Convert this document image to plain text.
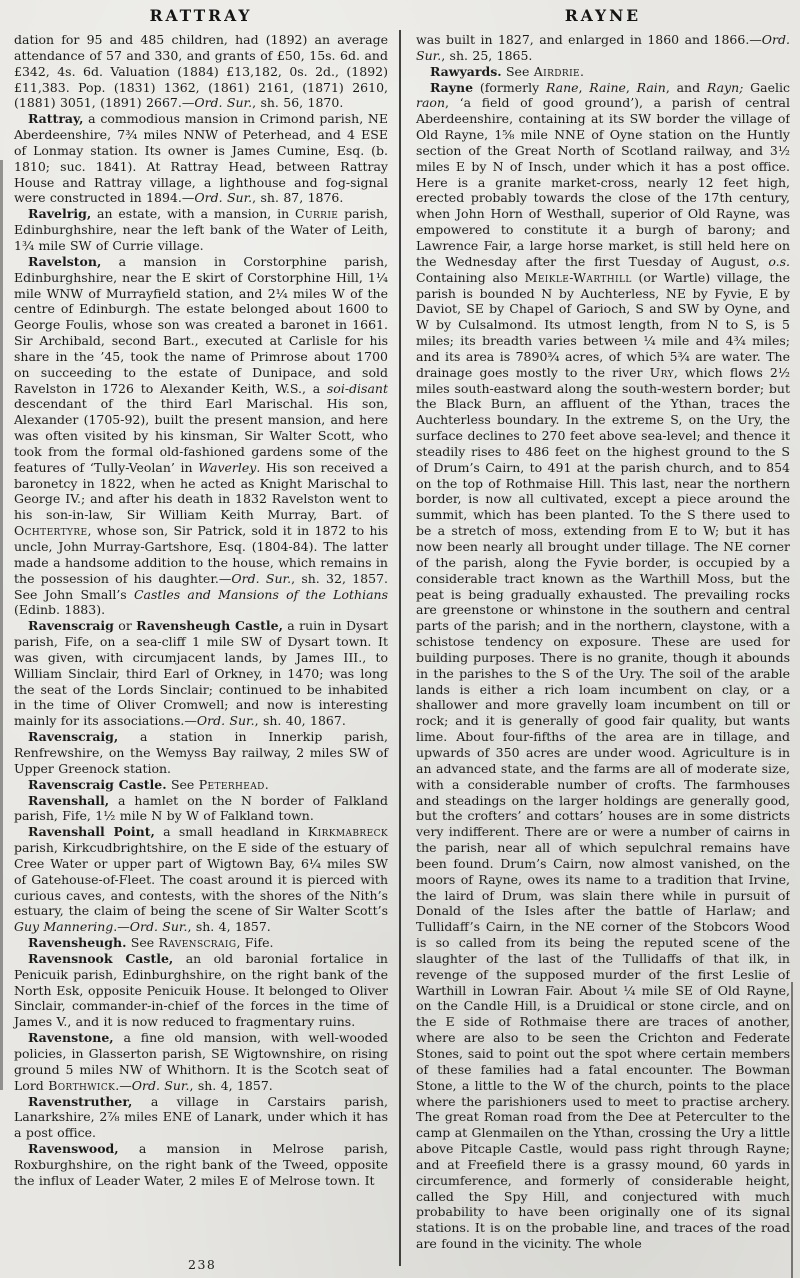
RATTRAY

dation for 95 and 485 children, had (1892) an average attendance of 57 and 330, and grants of £50, 15s. 6d. and £342, 4s. 6d. Valuation (1884) £13,182, 0s. 2d., (1892) £11,383. Pop. (1831) 1362, (1861) 2161, (1871) 2610, (1881) 3051, (1891) 2667.—Ord. Sur., sh. 56, 1870.

Rattray, a commodious mansion in Crimond parish, NE Aberdeenshire, 7¾ miles NNW of Peterhead, and 4 ESE of Lonmay station. Its owner is James Cumine, Esq. (b. 1810; suc. 1841). At Rattray Head, between Rattray House and Rattray village, a lighthouse and fog-signal were constructed in 1894.—Ord. Sur., sh. 87, 1876.

Ravelrig, an estate, with a mansion, in Currie parish, Edinburghshire, near the left bank of the Water of Leith, 1¾ mile SW of Currie village.

Ravelston, a mansion in Corstorphine parish, Edinburghshire, near the E skirt of Corstorphine Hill, 1¼ mile WNW of Murrayfield station, and 2¼ miles W of the centre of Edinburgh. The estate belonged about 1600 to George Foulis, whose son was created a baronet in 1661. Sir Archibald, second Bart., executed at Carlisle for his share in the ’45, took the name of Primrose about 1700 on succeeding to the estate of Dunipace, and sold Ravelston in 1726 to Alexander Keith, W.S., a soi-disant descendant of the third Earl Marischal. His son, Alexander (1705-92), built the present mansion, and here was often visited by his kinsman, Sir Walter Scott, who took from the formal old-fashioned gardens some of the features of ‘Tully-Veolan’ in Waverley. His son received a baronetcy in 1822, when he acted as Knight Marischal to George IV.; and after his death in 1832 Ravelston went to his son-in-law, Sir William Keith Murray, Bart. of Ochtertyre, whose son, Sir Patrick, sold it in 1872 to his uncle, John Murray-Gartshore, Esq. (1804-84). The latter made a handsome addition to the house, which remains in the possession of his daughter.—Ord. Sur., sh. 32, 1857. See John Small’s Castles and Mansions of the Lothians (Edinb. 1883).

Ravenscraig or Ravensheugh Castle, a ruin in Dysart parish, Fife, on a sea-cliff 1 mile SW of Dysart town. It was given, with circumjacent lands, by James III., to William Sinclair, third Earl of Orkney, in 1470; was long the seat of the Lords Sinclair; continued to be inhabited in the time of Oliver Cromwell; and now is interesting mainly for its associations.—Ord. Sur., sh. 40, 1867.

Ravenscraig, a station in Innerkip parish, Renfrewshire, on the Wemyss Bay railway, 2 miles SW of Upper Greenock station.

Ravenscraig Castle. See Peterhead.

Ravenshall, a hamlet on the N border of Falkland parish, Fife, 1½ mile N by W of Falkland town.

Ravenshall Point, a small headland in Kirkmabreck parish, Kirkcudbrightshire, on the E side of the estuary of Cree Water or upper part of Wigtown Bay, 6¼ miles SW of Gatehouse-of-Fleet. The coast around it is pierced with curious caves, and contests, with the shores of the Nith’s estuary, the claim of being the scene of Sir Walter Scott’s Guy Mannering.—Ord. Sur., sh. 4, 1857.

Ravensheugh. See Ravenscraig, Fife.

Ravensnook Castle, an old baronial fortalice in Penicuik parish, Edinburghshire, on the right bank of the North Esk, opposite Penicuik House. It belonged to Oliver Sinclair, commander-in-chief of the forces in the time of James V., and it is now reduced to fragmentary ruins.

Ravenstone, a fine old mansion, with well-wooded policies, in Glasserton parish, SE Wigtownshire, on rising ground 5 miles NW of Whithorn. It is the Scotch seat of Lord Borthwick.—Ord. Sur., sh. 4, 1857.

Ravenstruther, a village in Carstairs parish, Lanarkshire, 2⅞ miles ENE of Lanark, under which it has a post office.

Ravenswood, a mansion in Melrose parish, Roxburghshire, on the right bank of the Tweed, opposite the influx of Leader Water, 2 miles E of Melrose town. It

RAYNE

was built in 1827, and enlarged in 1860 and 1866.—Ord. Sur., sh. 25, 1865.

Rawyards. See Airdrie.

Rayne (formerly Rane, Raine, Rain, and Rayn; Gaelic raon, ‘a field of good ground’), a parish of central Aberdeenshire, containing at its SW border the village of Old Rayne, 1⅝ mile NNE of Oyne station on the Huntly section of the Great North of Scotland railway, and 3½ miles E by N of Insch, under which it has a post office. Here is a granite market-cross, nearly 12 feet high, erected probably towards the close of the 17th century, when John Horn of Westhall, superior of Old Rayne, was empowered to constitute it a burgh of barony; and Lawrence Fair, a large horse market, is still held here on the Wednesday after the first Tuesday of August, o.s. Containing also Meikle-Warthill (or Wartle) village, the parish is bounded N by Auchterless, NE by Fyvie, E by Daviot, SE by Chapel of Garioch, S and SW by Oyne, and W by Culsalmond. Its utmost length, from N to S, is 5 miles; its breadth varies between ¼ mile and 4¾ miles; and its area is 7890¾ acres, of which 5¾ are water. The drainage goes mostly to the river Ury, which flows 2½ miles south-eastward along the south-western border; but the Black Burn, an affluent of the Ythan, traces the Auchterless boundary. In the extreme S, on the Ury, the surface declines to 270 feet above sea-level; and thence it steadily rises to 486 feet on the highest ground to the S of Drum’s Cairn, to 491 at the parish church, and to 854 on the top of Rothmaise Hill. This last, near the northern border, is now all cultivated, except a piece around the summit, which has been planted. To the S there used to be a stretch of moss, extending from E to W; but it has now been nearly all brought under tillage. The NE corner of the parish, along the Fyvie border, is occupied by a considerable tract known as the Warthill Moss, but the peat is being gradually exhausted. The prevailing rocks are greenstone or whinstone in the southern and central parts of the parish; and in the northern, claystone, with a schistose tendency on exposure. These are used for building purposes. There is no granite, though it abounds in the parishes to the S of the Ury. The soil of the arable lands is either a rich loam incumbent on clay, or a shallower and more gravelly loam incumbent on till or rock; and it is generally of good fair quality, but wants lime. About four-fifths of the area are in tillage, and upwards of 350 acres are under wood. Agriculture is in an advanced state, and the farms are all of moderate size, with a considerable number of crofts. The farmhouses and steadings on the larger holdings are generally good, but the crofters’ and cottars’ houses are in some districts very indifferent. There are or were a number of cairns in the parish, near all of which sepulchral remains have been found. Drum’s Cairn, now almost vanished, on the moors of Rayne, owes its name to a tradition that Irvine, the laird of Drum, was slain there while in pursuit of Donald of the Isles after the battle of Harlaw; and Tullidaff’s Cairn, in the NE corner of the Stobcors Wood is so called from its being the reputed scene of the slaughter of the last of the Tullidaffs of that ilk, in revenge of the supposed murder of the first Leslie of Warthill in Lowran Fair. About ¼ mile SE of Old Rayne, on the Candle Hill, is a Druidical or stone circle, and on the E side of Rothmaise there are traces of another, where are also to be seen the Crichton and Federate Stones, said to point out the spot where certain members of these families had a fatal encounter. The Bowman Stone, a little to the W of the church, points to the place where the parishioners used to meet to practise archery. The great Roman road from the Dee at Peterculter to the camp at Glenmailen on the Ythan, crossing the Ury a little above Pitcaple Castle, would pass right through Rayne; and at Freefield there is a grassy mound, 60 yards in circumference, and formerly of considerable height, called the Spy Hill, and conjectured with much probability to have been originally one of its signal stations. It is on the probable line, and traces of the road are found in the vicinity. The whole

238
